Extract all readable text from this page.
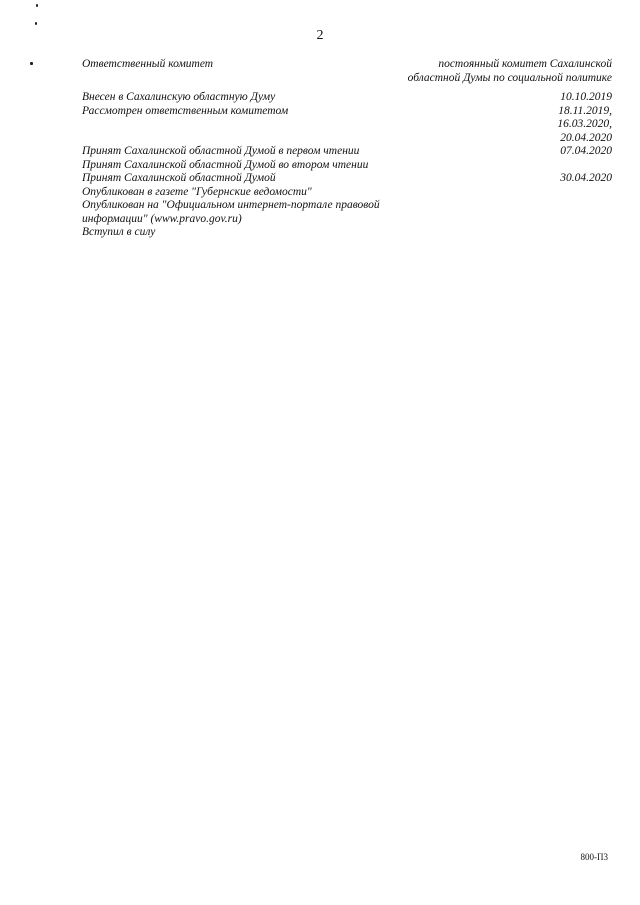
2
Ответственный комитет	постоянный комитет Сахалинской областной Думы по социальной политике
Внесен в Сахалинскую областную Думу	10.10.2019
Рассмотрен ответственным комитетом	18.11.2019,
16.03.2020,
20.04.2020
Принят Сахалинской областной Думой в первом чтении	07.04.2020
Принят Сахалинской областной Думой во втором чтении
Принят Сахалинской областной Думой	30.04.2020
Опубликован в газете "Губернские ведомости"
Опубликован на "Официальном интернет-портале правовой информации" (www.pravo.gov.ru)
Вступил в силу
800-П3
